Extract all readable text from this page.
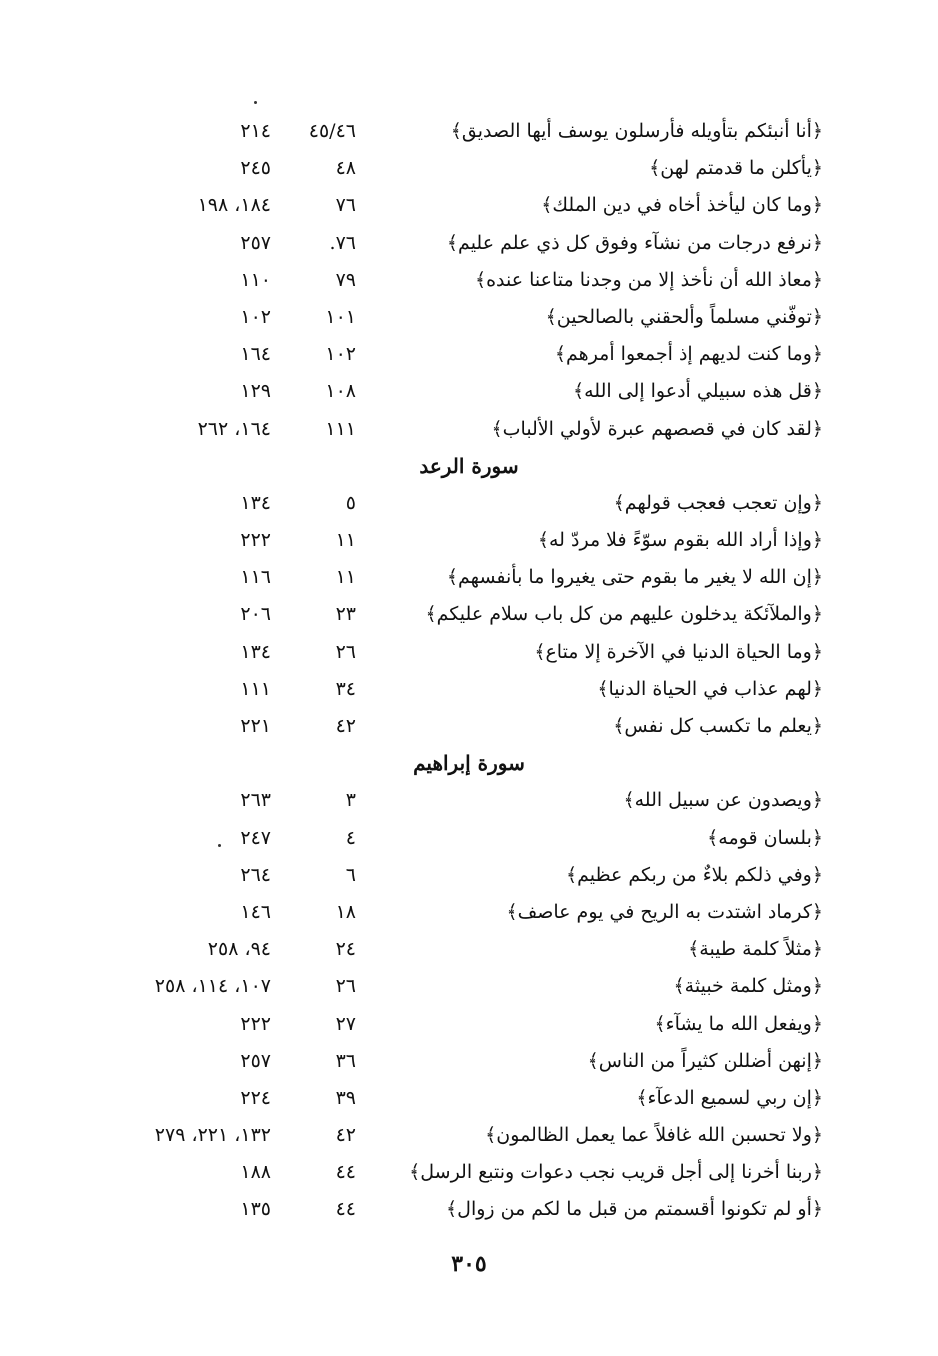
﴿أنا أنبئكم بتأويله فأرسلون يوسف أيها الصديق﴾
٤٥/٤٦
٢١٤
﴿يأكلن ما قدمتم لهن﴾
٤٨
٢٤٥
﴿وما كان ليأخذ أخاه في دين الملك﴾
٧٦
١٨٤، ١٩٨
﴿نرفع درجات من نشآء وفوق كل ذي علم عليم﴾
٧٦.
٢٥٧
﴿معاذ الله أن نأخذ إلا من وجدنا متاعنا عنده﴾
٧٩
١١٠
﴿توفّني مسلماً وألحقني بالصالحين﴾
١٠١
١٠٢
﴿وما كنت لديهم إذ أجمعوا أمرهم﴾
١٠٢
١٦٤
﴿قل هذه سبيلي أدعوا إلى الله﴾
١٠٨
١٢٩
﴿لقد كان في قصصهم عبرة لأولي الألباب﴾
١١١
١٦٤، ٢٦٢
سورة الرعد
﴿وإن تعجب فعجب قولهم﴾
٥
١٣٤
﴿وإذا أراد الله بقوم سوّءً فلا مردّ له﴾
١١
٢٢٢
﴿إن الله لا يغير ما بقوم حتى يغيروا ما بأنفسهم﴾
١١
١١٦
﴿والملآئكة يدخلون عليهم من كل باب سلام عليكم﴾
٢٣
٢٠٦
﴿وما الحياة الدنيا في الآخرة إلا متاع﴾
٢٦
١٣٤
﴿لهم عذاب في الحياة الدنيا﴾
٣٤
١١١
﴿يعلم ما تكسب كل نفس﴾
٤٢
٢٢١
سورة إبراهيم
﴿ويصدون عن سبيل الله﴾
٣
٢٦٣
﴿بلسان قومه﴾
٤
٢٤٧
﴿وفي ذلكم بلاءٌ من ربكم عظيم﴾
٦
٢٦٤
﴿كرماد اشتدت به الريح في يوم عاصف﴾
١٨
١٤٦
﴿مثلاً كلمة طيبة﴾
٢٤
٩٤، ٢٥٨
﴿ومثل كلمة خبيثة﴾
٢٦
١٠٧، ١١٤، ٢٥٨
﴿ويفعل الله ما يشآء﴾
٢٧
٢٢٢
﴿إنهن أضللن كثيراً من الناس﴾
٣٦
٢٥٧
﴿إن ربي لسميع الدعآء﴾
٣٩
٢٢٤
﴿ولا تحسبن الله غافلاً عما يعمل الظالمون﴾
٤٢
١٣٢، ٢٢١، ٢٧٩
﴿ربنا أخرنا إلى أجل قريب نجب دعوات ونتبع الرسل﴾
٤٤
١٨٨
﴿أو لم تكونوا أقسمتم من قبل ما لكم من زوال﴾
٤٤
١٣٥
٣٠٥
